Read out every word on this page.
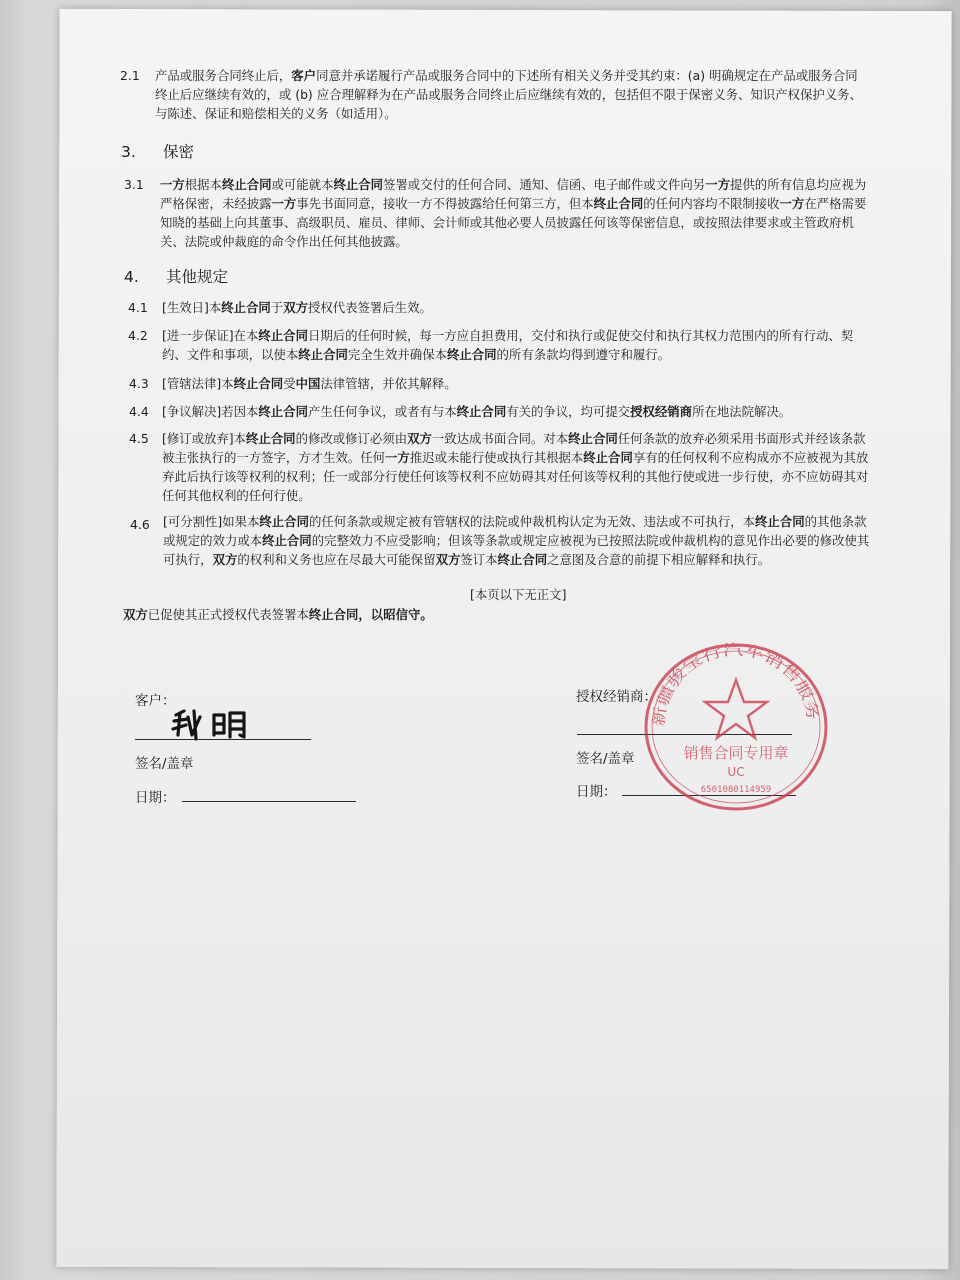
2.1 产品或服务合同终止后，客户同意并承诺履行产品或服务合同中的下述所有相关义务并受其约束：(a) 明确规定在产品或服务合同
终止后应继续有效的，或 (b) 应合理解释为在产品或服务合同终止后应继续有效的，包括但不限于保密义务、知识产权保护义务、
与陈述、保证和赔偿相关的义务（如适用）。
3. 保密
3.1 一方根据本终止合同或可能就本终止合同签署或交付的任何合同、通知、信函、电子邮件或文件向另一方提供的所有信息均应视为
严格保密，未经披露一方事先书面同意，接收一方不得披露给任何第三方，但本终止合同的任何内容均不限制接收一方在严格需要
知晓的基础上向其董事、高级职员、雇员、律师、会计师或其他必要人员披露任何该等保密信息，或按照法律要求或主管政府机
关、法院或仲裁庭的命令作出任何其他披露。
4. 其他规定
4.1 [生效日]本终止合同于双方授权代表签署后生效。
4.2 [进一步保证]在本终止合同日期后的任何时候，每一方应自担费用，交付和执行或促使交付和执行其权力范围内的所有行动、契
约、文件和事项，以使本终止合同完全生效并确保本终止合同的所有条款均得到遵守和履行。
4.3 [管辖法律]本终止合同受中国法律管辖，并依其解释。
4.4 [争议解决]若因本终止合同产生任何争议，或者有与本终止合同有关的争议，均可提交授权经销商所在地法院解决。
4.5 [修订或放弃]本终止合同的修改或修订必须由双方一致达成书面合同。对本终止合同任何条款的放弃必须采用书面形式并经该条款
被主张执行的一方签字，方才生效。任何一方推迟或未能行使或执行其根据本终止合同享有的任何权利不应构成亦不应被视为其放
弃此后执行该等权利的权利；任一或部分行使任何该等权利不应妨碍其对任何该等权利的其他行使或进一步行使，亦不应妨碍其对
任何其他权利的任何行使。
4.6 [可分割性]如果本终止合同的任何条款或规定被有管辖权的法院或仲裁机构认定为无效、违法或不可执行，本终止合同的其他条款
或规定的效力或本终止合同的完整效力不应受影响；但该等条款或规定应被视为已按照法院或仲裁机构的意见作出必要的修改使其
可执行，双方的权利和义务也应在尽最大可能保留双方签订本终止合同之意图及合意的前提下相应解释和执行。
[本页以下无正文]
双方已促使其正式授权代表签署本终止合同，以昭信守。
客户：
签名/盖章
日期：
授权经销商：
签名/盖章
日期：
新疆骏宝行汽车销售服务有限公司
销售合同专用章
UC
6501080114959
